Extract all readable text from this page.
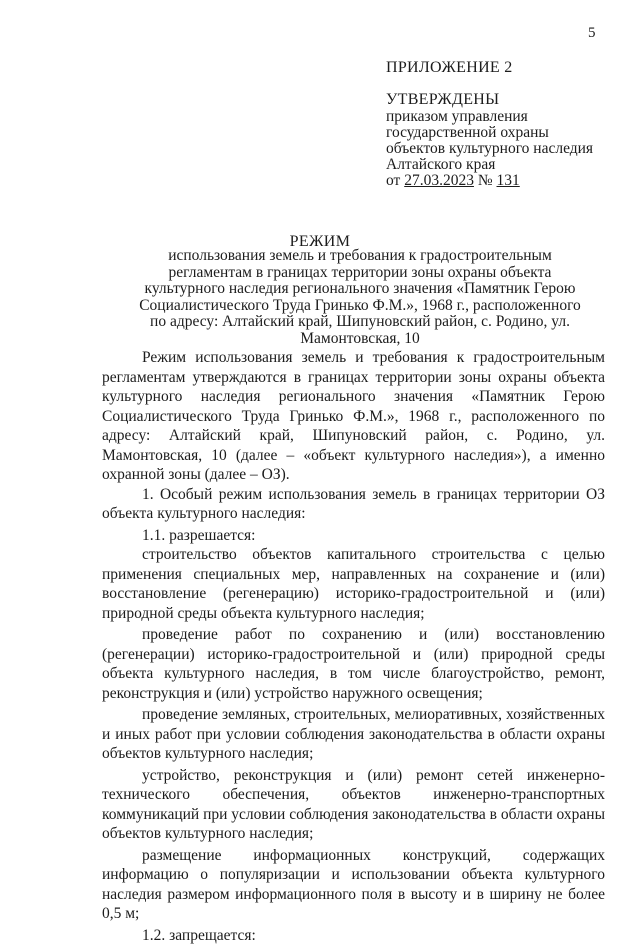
5
ПРИЛОЖЕНИЕ 2
УТВЕРЖДЕНЫ
приказом управления
государственной охраны
объектов культурного наследия
Алтайского края
от 27.03.2023 № 131
РЕЖИМ
использования земель и требования к градостроительным регламентам в границах территории зоны охраны объекта культурного наследия регионального значения «Памятник Герою Социалистического Труда Гринько Ф.М.», 1968 г., расположенного по адресу: Алтайский край, Шипуновский район, с. Родино, ул. Мамонтовская, 10

Режим использования земель и требования к градостроительным регламентам утверждаются в границах территории зоны охраны объекта культурного наследия регионального значения «Памятник Герою Социалистического Труда Гринько Ф.М.», 1968 г., расположенного по адресу: Алтайский край, Шипуновский район, с. Родино, ул. Мамонтовская, 10 (далее – «объект культурного наследия»), а именно охранной зоны (далее – ОЗ).

1. Особый режим использования земель в границах территории ОЗ объекта культурного наследия:

1.1. разрешается:

строительство объектов капитального строительства с целью применения специальных мер, направленных на сохранение и (или) восстановление (регенерацию) историко-градостроительной и (или) природной среды объекта культурного наследия;

проведение работ по сохранению и (или) восстановлению (регенерации) историко-градостроительной и (или) природной среды объекта культурного наследия, в том числе благоустройство, ремонт, реконструкция и (или) устройство наружного освещения;

проведение земляных, строительных, мелиоративных, хозяйственных и иных работ при условии соблюдения законодательства в области охраны объектов культурного наследия;

устройство, реконструкция и (или) ремонт сетей инженерно-технического обеспечения, объектов инженерно-транспортных коммуникаций при условии соблюдения законодательства в области охраны объектов культурного наследия;

размещение информационных конструкций, содержащих информацию о популяризации и использовании объекта культурного наследия размером информационного поля в высоту и в ширину не более 0,5 м;

1.2. запрещается:
